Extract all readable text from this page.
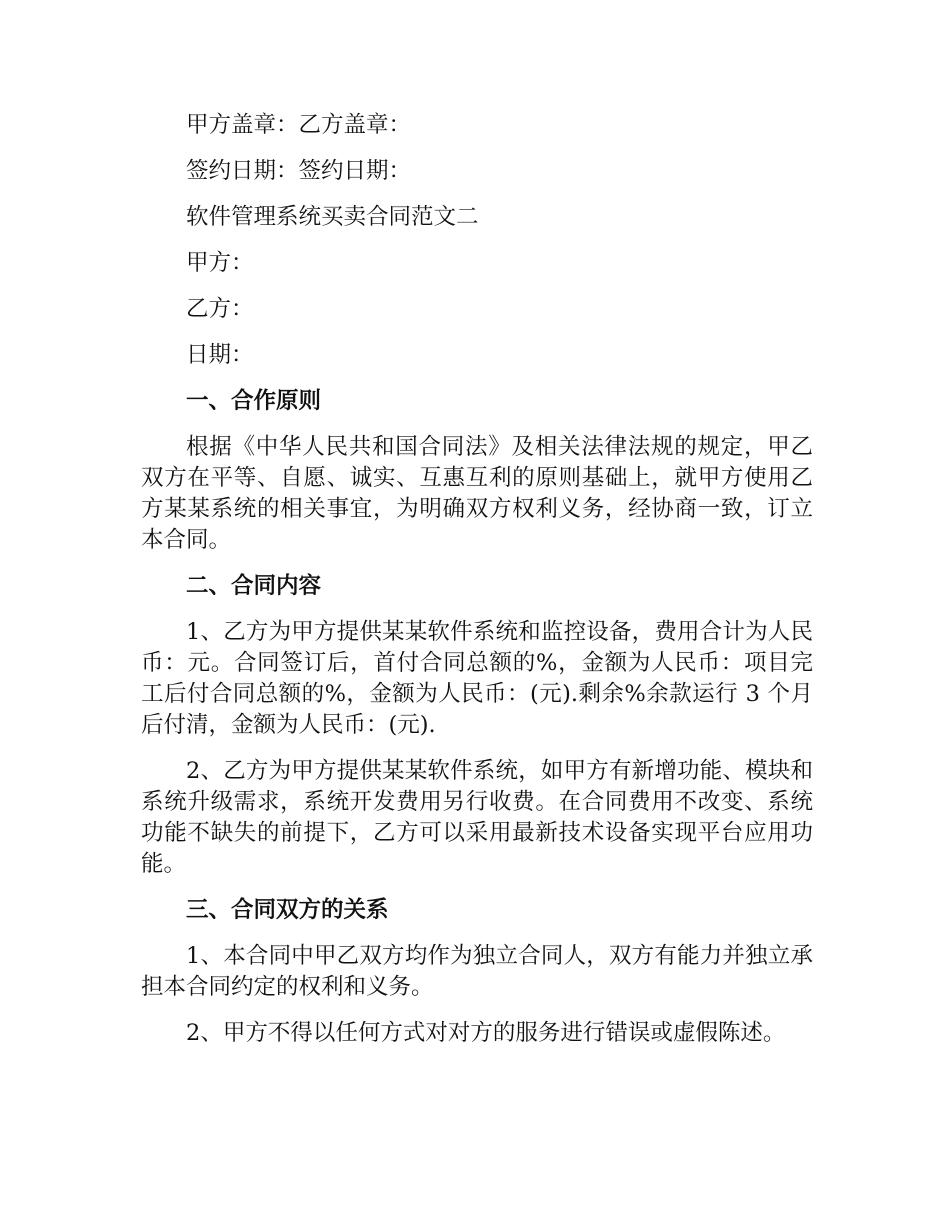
甲方盖章：乙方盖章：

签约日期：签约日期：

软件管理系统买卖合同范文二

甲方：

乙方：

日期：

一、合作原则

根据《中华人民共和国合同法》及相关法律法规的规定，甲乙双方在平等、自愿、诚实、互惠互利的原则基础上，就甲方使用乙方某某系统的相关事宜，为明确双方权利义务，经协商一致，订立本合同。

二、合同内容

1、乙方为甲方提供某某软件系统和监控设备，费用合计为人民币：元。合同签订后，首付合同总额的%，金额为人民币：项目完工后付合同总额的%，金额为人民币：(元).剩余%余款运行 3 个月后付清，金额为人民币：(元).

2、乙方为甲方提供某某软件系统，如甲方有新增功能、模块和系统升级需求，系统开发费用另行收费。在合同费用不改变、系统功能不缺失的前提下，乙方可以采用最新技术设备实现平台应用功能。

三、合同双方的关系

1、本合同中甲乙双方均作为独立合同人，双方有能力并独立承担本合同约定的权利和义务。

2、甲方不得以任何方式对对方的服务进行错误或虚假陈述。
